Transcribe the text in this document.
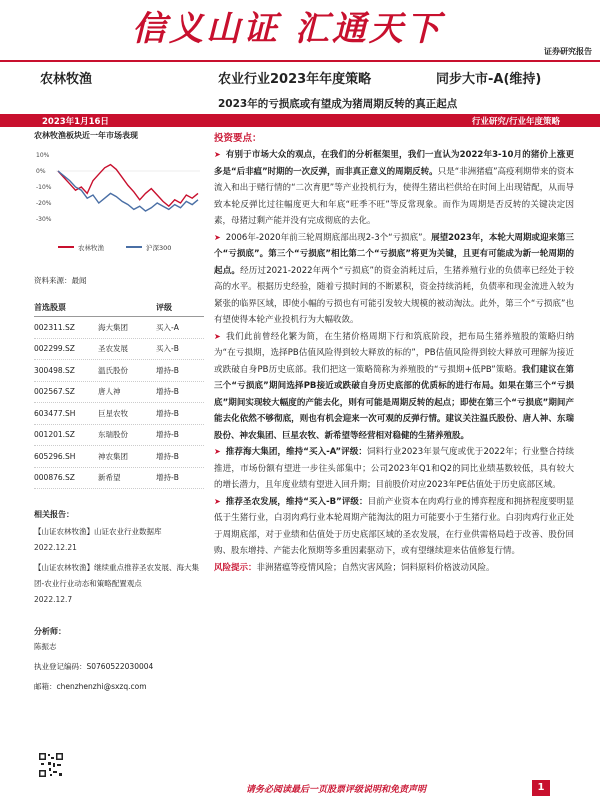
信义山证 汇通天下
证券研究报告
农林牧渔	农业行业2023年年度策略	同步大市-A(维持)
2023年的亏损底或有望成为猪周期反转的真正起点
2023年1月16日	行业研究/行业年度策略
农林牧渔板块近一年市场表现
10%
0%
-10%
-20%
-30%
农林牧渔	沪深300
资料来源：最闻
首选股票	评级
002311.SZ	海大集团	买入-A
002299.SZ	圣农发展	买入-B
300498.SZ	温氏股份	增持-B
002567.SZ	唐人神	增持-B
603477.SH	巨星农牧	增持-B
001201.SZ	东瑞股份	增持-B
605296.SH	神农集团	增持-B
000876.SZ	新希望	增持-B
相关报告：
【山证农林牧渔】山证农业行业数据库
2022.12.21
【山证农林牧渔】继续重点推荐圣农发展、海大集团-农业行业动态和策略配置观点
2022.12.7
分析师：
陈振志
执业登记编码：S0760522030004
邮箱：chenzhenzhi@sxzq.com
投资要点：

➤ 有别于市场大众的观点，在我们的分析框架里，我们一直认为2022年3-10月的猪价上涨更多是“后非瘟”时期的一次反弹，而非真正意义的周期反转。只是“非洲猪瘟”高疫利期带来的资本流入和出于赌行情的“二次育肥”等产业投机行为，使得生猪出栏供给在时间上出现错配，从而导致本轮反弹比过往幅度更大和年底“旺季不旺”等反常现象。而作为周期是否反转的关键决定因素，母猪过剩产能并没有完成彻底的去化。

➤ 2006年-2020年前三轮周期底部出现2-3个“亏损底”。展望2023年，本轮大周期或迎来第三个“亏损底”。第三个“亏损底”相比第二个“亏损底”将更为关键，且更有可能成为新一轮周期的起点。经历过2021-2022年两个“亏损底”的资金消耗过后，生猪养殖行业的负债率已经处于较高的水平。根据历史经验，随着亏损时间的不断累积，资金持续消耗，负债率和现金流进入较为紧张的临界区域，即使小幅的亏损也有可能引发较大规模的被动淘汰。此外，第三个“亏损底”也有望使得本轮产业投机行为大幅收敛。

➤ 我们此前曾经化繁为简，在生猪价格周期下行和筑底阶段，把布局生猪养殖股的策略归纳为“在亏损期，选择PB估值风险得到较大释放的标的”，PB估值风险得到较大释放可理解为接近或跌破自身PB历史底部。我们把这一策略简称为养殖股的“亏损期+低PB”策略。我们建议在第三个“亏损底”期间选择PB接近或跌破自身历史底部的优质标的进行布局。如果在第三个“亏损底”期间实现较大幅度的产能去化，则有可能是周期反转的起点；即使在第三个“亏损底”期间产能去化依然不够彻底，则也有机会迎来一次可观的反弹行情。建议关注温氏股份、唐人神、东瑞股份、神农集团、巨星农牧、新希望等经营相对稳健的生猪养殖股。

➤ 推荐海大集团，维持“买入-A”评级：饲料行业2023年景气度或优于2022年；行业整合持续推进，市场份额有望进一步往头部集中；公司2023年Q1和Q2的同比业绩基数较低，具有较大的增长潜力，且年度业绩有望进入回升期；目前股价对应2023年PE估值处于历史底部区域。

➤ 推荐圣农发展，维持“买入-B”评级：目前产业资本在肉鸡行业的博弈程度和拥挤程度要明显低于生猪行业，白羽肉鸡行业本轮周期产能淘汰的阻力可能要小于生猪行业。白羽肉鸡行业正处于周期底部，对于业绩和估值处于历史底部区域的圣农发展，在行业供需格局趋于改善、股份回购、股东增持、产能去化预期等多重因素驱动下，或有望继续迎来估值修复行情。

风险提示：非洲猪瘟等疫情风险；自然灾害风险；饲料原料价格波动风险。

请务必阅读最后一页股票评级说明和免责声明	1
